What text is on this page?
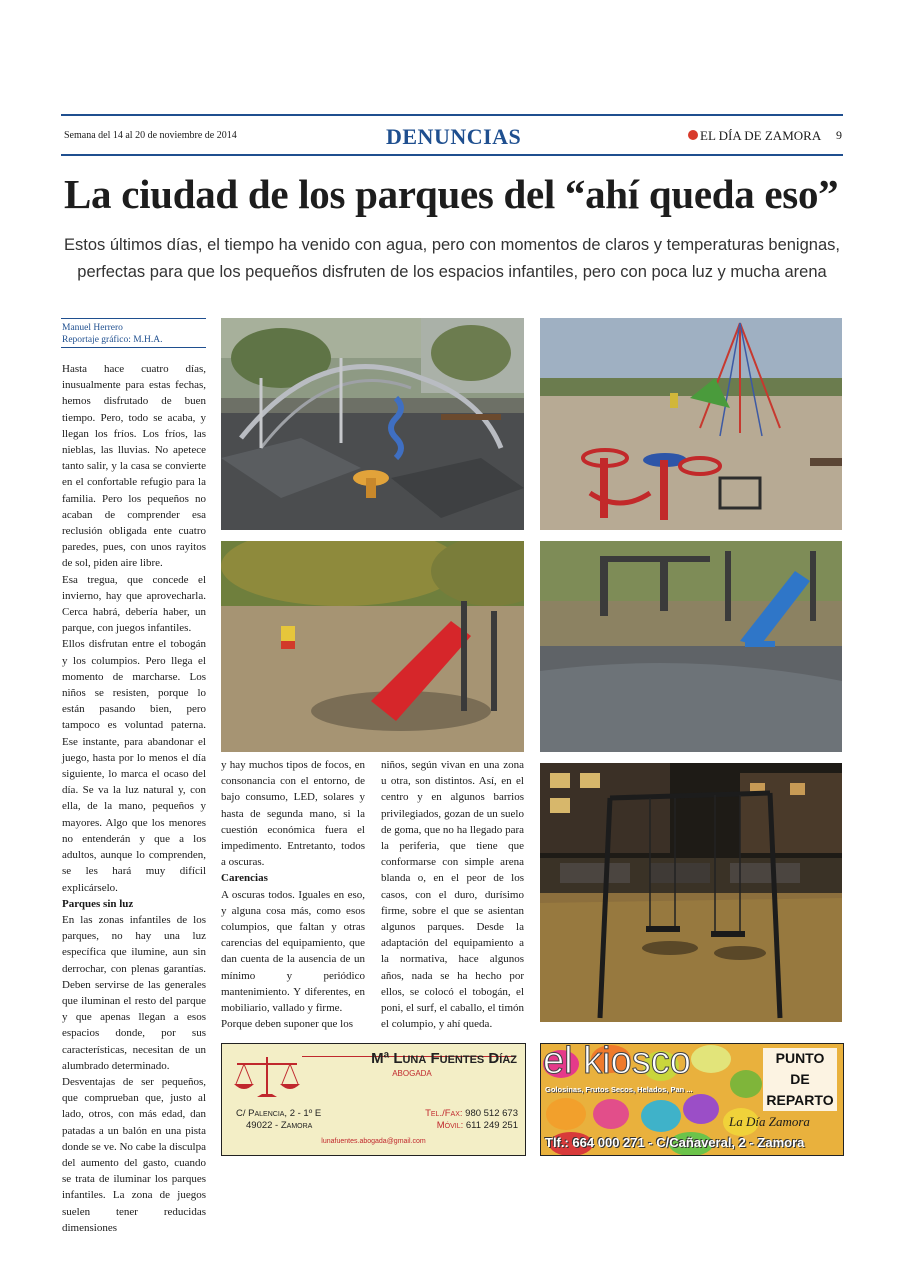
Semana del 14 al 20 de noviembre de 2014	DENUNCIAS	EL DÍA DE ZAMORA 9
La ciudad de los parques del “ahí queda eso”
Estos últimos días, el tiempo ha venido con agua, pero con momentos de claros y temperaturas benignas,
perfectas para que los pequeños disfruten de los espacios infantiles, pero con poca luz y mucha arena
Manuel Herrero
Reportaje gráfico: M.H.A.

Hasta hace cuatro días, inusualmente para estas fechas, hemos disfrutado de buen tiempo. Pero, todo se acaba, y llegan los fríos. Los fríos, las nieblas, las lluvias. No apetece tanto salir, y la casa se convierte en el confortable refugio para la familia. Pero los pequeños no acaban de comprender esa reclusión obligada ente cuatro paredes, pues, con unos rayitos de sol, piden aire libre.

Esa tregua, que concede el invierno, hay que aprovecharla. Cerca habrá, debería haber, un parque, con juegos infantiles.

Ellos disfrutan entre el tobogán y los columpios. Pero llega el momento de marcharse. Los niños se resisten, porque lo están pasando bien, pero tampoco es voluntad paterna. Ese instante, para abandonar el juego, hasta por lo menos el día siguiente, lo marca el ocaso del día. Se va la luz natural y, con ella, de la mano, pequeños y mayores. Algo que los menores no entenderán y que a los adultos, aunque lo comprenden, se les hará muy difícil explicárselo.

Parques sin luz

En las zonas infantiles de los parques, no hay una luz específica que ilumine, aun sin derrochar, con plenas garantías. Deben servirse de las generales que iluminan el resto del parque y que apenas llegan a esos espacios donde, por sus características, necesitan de un alumbrado determinado.

Desventajas de ser pequeños, que comprueban que, justo al lado, otros, con más edad, dan patadas a un balón en una pista donde se ve. No cabe la disculpa del aumento del gasto, cuando se trata de iluminar los parques infantiles. La zona de juegos suelen tener reducidas dimensiones

y hay muchos tipos de focos, en consonancia con el entorno, de bajo consumo, LED, solares y hasta de segunda mano, si la cuestión económica fuera el impedimento. Entretanto, todos a oscuras.

Carencias

A oscuras todos. Iguales en eso, y alguna cosa más, como esos columpios, que faltan y otras carencias del equipamiento, que dan cuenta de la ausencia de un mínimo y periódico mantenimiento. Y diferentes, en mobiliario, vallado y firme.

Porque deben suponer que los

niños, según vivan en una zona u otra, son distintos. Así, en el centro y en algunos barrios privilegiados, gozan de un suelo de goma, que no ha llegado para la periferia, que tiene que conformarse con simple arena blanda o, en el peor de los casos, con el duro, durísimo firme, sobre el que se asientan algunos parques. Desde la adaptación del equipamiento a la normativa, hace algunos años, nada se ha hecho por ellos, se colocó el tobogán, el poni, el surf, el caballo, el timón el columpio, y ahí queda.

Mª Luna Fuentes Díaz
ABOGADA
C/ Palencia, 2 - 1º E
49022 - Zamora
Tel./Fax: 980 512 673
Móvil: 611 249 251
lunafuentes.abogada@gmail.com
el kiosco
Golosinas, Frutos Secos, Helados, Pan ...
PUNTO
DE
REPARTO
La Día Zamora
Tlf.: 664 000 271 - C/Cañaveral, 2 - Zamora
